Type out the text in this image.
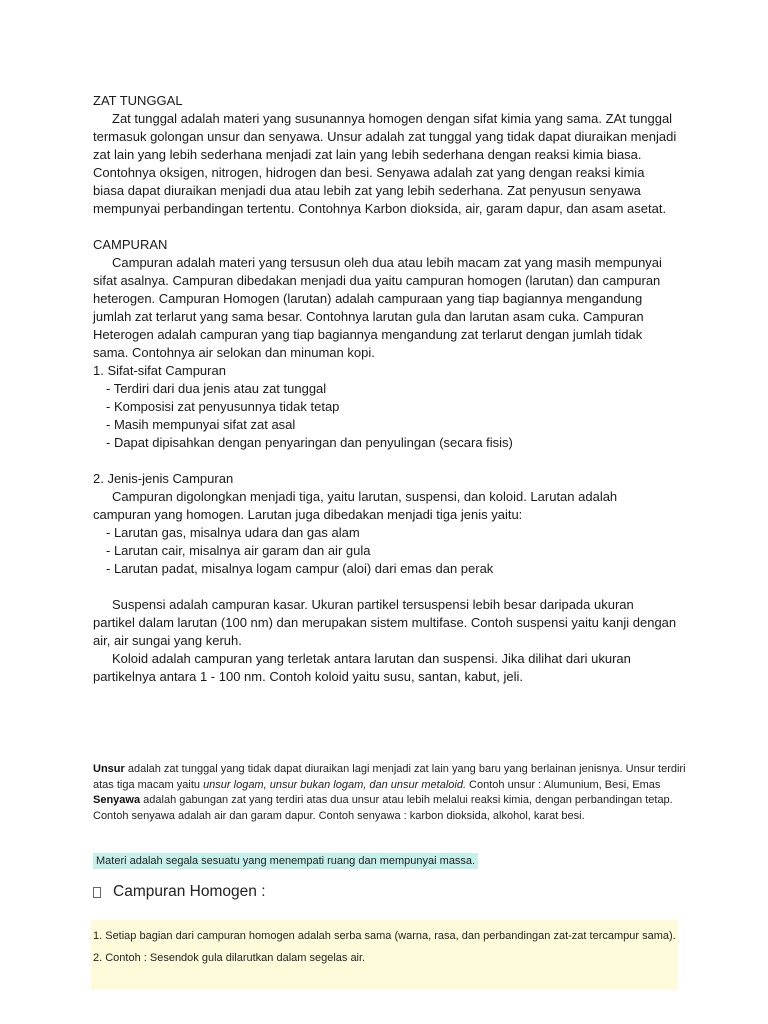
ZAT TUNGGAL

Zat tunggal adalah materi yang susunannya homogen dengan sifat kimia yang sama. ZAt tunggal termasuk golongan unsur dan senyawa. Unsur adalah zat tunggal yang tidak dapat diuraikan menjadi zat lain yang lebih sederhana menjadi zat lain yang lebih sederhana dengan reaksi kimia biasa. Contohnya oksigen, nitrogen, hidrogen dan besi. Senyawa adalah zat yang dengan reaksi kimia biasa dapat diuraikan menjadi dua atau lebih zat yang lebih sederhana. Zat penyusun senyawa mempunyai perbandingan tertentu. Contohnya Karbon dioksida, air, garam dapur, dan asam asetat.

CAMPURAN

Campuran adalah materi yang tersusun oleh dua atau lebih macam zat yang masih mempunyai sifat asalnya. Campuran dibedakan menjadi dua yaitu campuran homogen (larutan) dan campuran

heterogen. Campuran Homogen (larutan) adalah campuraan yang tiap bagiannya mengandung jumlah zat terlarut yang sama besar. Contohnya larutan gula dan larutan asam cuka. Campuran Heterogen adalah campuran yang tiap bagiannya mengandung zat terlarut dengan jumlah tidak sama. Contohnya air selokan dan minuman kopi.

1. Sifat-sifat Campuran

- Terdiri dari dua jenis atau zat tunggal

- Komposisi zat penyusunnya tidak tetap

- Masih mempunyai sifat zat asal

- Dapat dipisahkan dengan penyaringan dan penyulingan (secara fisis)

2. Jenis-jenis Campuran

Campuran digolongkan menjadi tiga, yaitu larutan, suspensi, dan koloid. Larutan adalah campuran yang homogen. Larutan juga dibedakan menjadi tiga jenis yaitu:

- Larutan gas, misalnya udara dan gas alam

- Larutan cair, misalnya air garam dan air gula

- Larutan padat, misalnya logam campur (aloi) dari emas dan perak

Suspensi adalah campuran kasar. Ukuran partikel tersuspensi lebih besar daripada ukuran partikel dalam larutan (100 nm) dan merupakan sistem multifase. Contoh suspensi yaitu kanji dengan air, air sungai yang keruh.

Koloid adalah campuran yang terletak antara larutan dan suspensi. Jika dilihat dari ukuran partikelnya antara 1 - 100 nm. Contoh koloid yaitu susu, santan, kabut, jeli.

Unsur adalah zat tunggal yang tidak dapat diuraikan lagi menjadi zat lain yang baru yang berlainan jenisnya. Unsur terdiri atas tiga macam yaitu unsur logam, unsur bukan logam, dan unsur metaloid. Contoh unsur : Alumunium, Besi, Emas

Senyawa adalah gabungan zat yang terdiri atas dua unsur atau lebih melalui reaksi kimia, dengan perbandingan tetap. Contoh senyawa adalah air dan garam dapur. Contoh senyawa : karbon dioksida, alkohol, karat besi.

Materi adalah segala sesuatu yang menempati ruang dan mempunyai massa.
Campuran Homogen :

1. Setiap bagian dari campuran homogen adalah serba sama (warna, rasa, dan perbandingan zat-zat tercampur sama).

2. Contoh : Sesendok gula dilarutkan dalam segelas air.
